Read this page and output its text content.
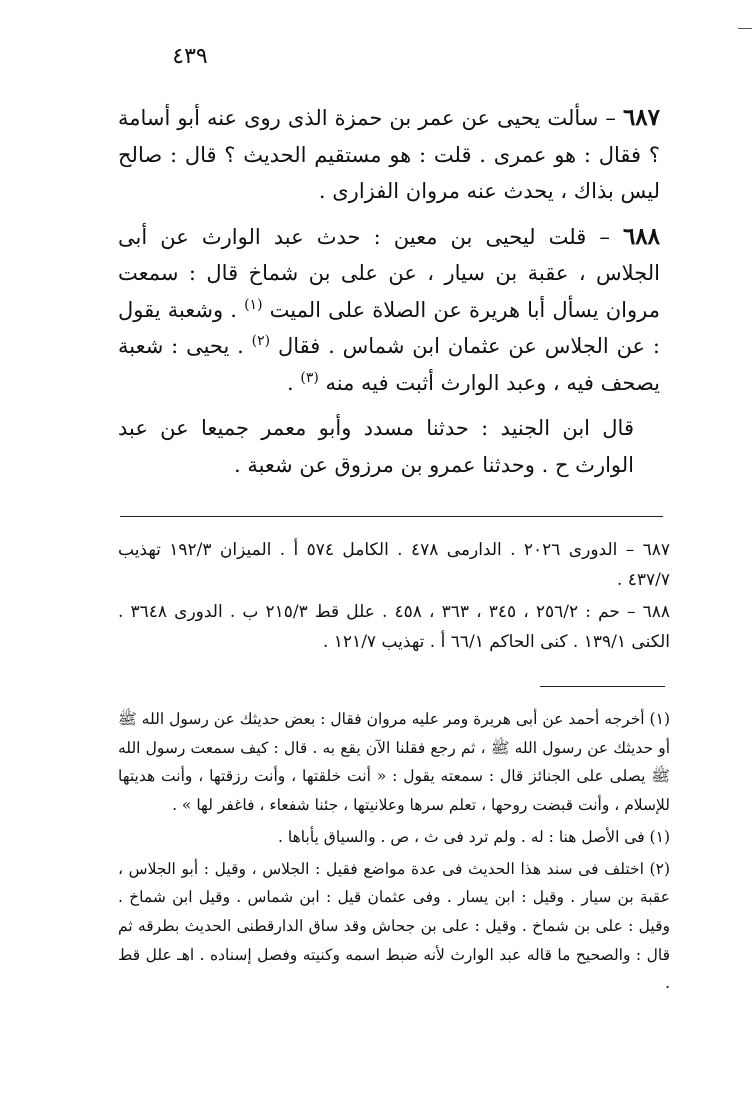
٤٣٩

٦٨٧ – سألت يحيى عن عمر بن حمزة الذى روى عنه أبو أسامة ؟ فقال : هو عمرى . قلت : هو مستقيم الحديث ؟ قال : صالح ليس بذاك ، يحدث عنه مروان الفزارى .

٦٨٨ – قلت ليحيى بن معين : حدث عبد الوارث عن أبى الجلاس ، عقبة بن سيار ، عن على بن شماخ قال : سمعت مروان يسأل أبا هريرة عن الصلاة على الميت $^{(١)}$ . وشعبة يقول : عن الجلاس عن عثمان ابن شماس . فقال $^{(٢)}$ . يحيى : شعبة يصحف فيه ، وعبد الوارث أثبت فيه منه $^{(٣)}$ .

قال ابن الجنيد : حدثنا مسدد وأبو معمر جميعا عن عبد الوارث ح . وحدثنا عمرو بن مرزوق عن شعبة .

٦٨٧ – الدورى ٢٠٢٦ . الدارمى ٤٧٨ . الكامل ٥٧٤ أ . الميزان ١٩٢/٣ تهذيب ٤٣٧/٧ .
٦٨٨ – حم : ٢٥٦/٢ ، ٣٤٥ ، ٣٦٣ ، ٤٥٨ . علل قط ٢١٥/٣ ب . الدورى ٣٦٤٨ . الكنى ١٣٩/١ . كنى الحاكم ٦٦/١ أ . تهذيب ١٢١/٧ .
(١) أخرجه أحمد عن أبى هريرة ومر عليه مروان فقال : بعض حديثك عن رسول الله ﷺ أو حديثك عن رسول الله ﷺ ، ثم رجع فقلنا الآن يقع به . قال : كيف سمعت رسول الله ﷺ يصلى على الجنائز قال : سمعته يقول : « أنت خلقتها ، وأنت رزقتها ، وأنت هديتها للإسلام ، وأنت قبضت روحها ، تعلم سرها وعلانيتها ، جئنا شفعاء ، فاغفر لها » .
(١) فى الأصل هنا : له . ولم ترد فى ث ، ص . والسياق يأباها .
(٢) اختلف فى سند هذا الحديث فى عدة مواضع فقيل : الجلاس ، وقيل : أبو الجلاس ، عقبة بن سيار . وقيل : ابن يسار . وفى عثمان قيل : ابن شماس . وقيل ابن شماخ . وقيل : على بن شماخ . وقيل : على بن جحاش وقد ساق الدارقطنى الحديث بطرقه ثم قال : والصحيح ما قاله عبد الوارث لأنه ضبط اسمه وكنيته وفصل إسناده . اهـ علل قط .
